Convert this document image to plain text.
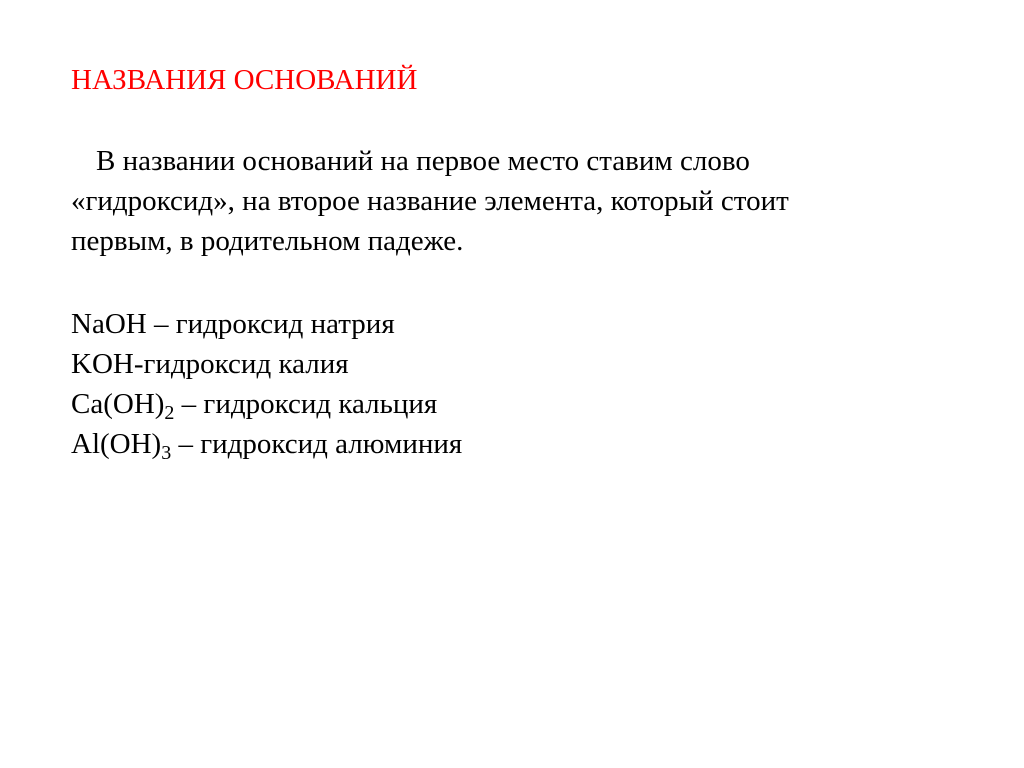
НАЗВАНИЯ ОСНОВАНИЙ

В названии оснований на первое место ставим слово
«гидроксид», на второе название элемента, который стоит
первым, в родительном падеже.

NaOH – гидроксид натрия
KOH-гидроксид калия
$Ca(OH)_2$ – гидроксид кальция
$Al(OH)_3$ – гидроксид алюминия
